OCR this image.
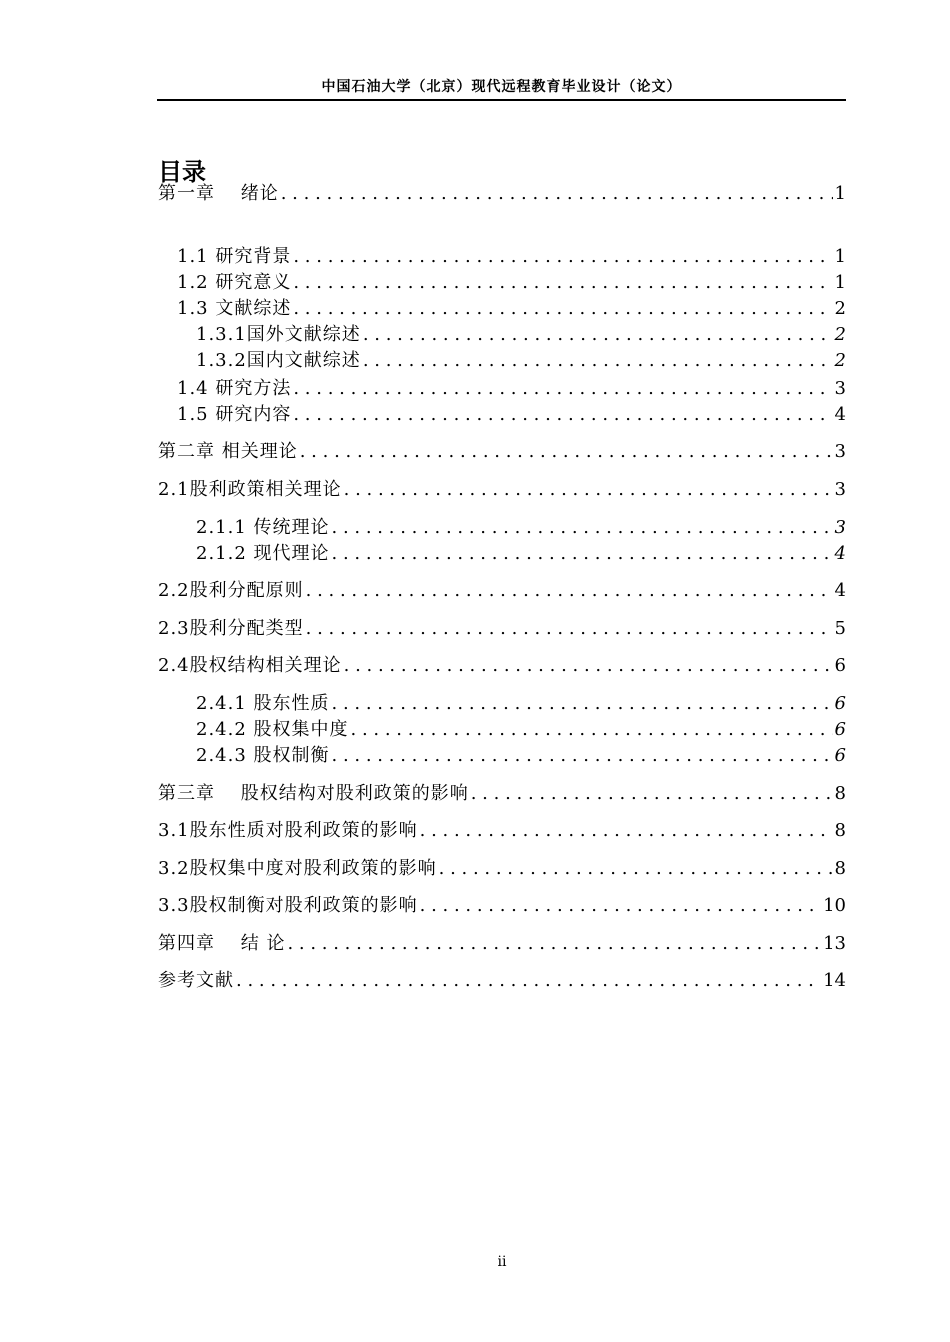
中国石油大学（北京）现代远程教育毕业设计（论文）
目录
第一章　 绪论 . . .	1
1.1 研究背景 . . .	1
1.2 研究意义 . . .	1
1.3 文献综述 . . .	2
1.3.1国外文献综述 . . .	2
1.3.2国内文献综述 . . .	2
1.4 研究方法 . . .	3
1.5 研究内容 . . .	4
第二章 相关理论 . . .	3
2.1股利政策相关理论 . . .	3
2.1.1 传统理论 . . .	3
2.1.2 现代理论 . . .	4
2.2股利分配原则 . . .	4
2.3股利分配类型 . . .	5
2.4股权结构相关理论 . . .	6
2.4.1 股东性质 . . .	6
2.4.2 股权集中度 . . .	6
2.4.3 股权制衡 . . .	6
第三章　 股权结构对股利政策的影响 . . .	8
3.1股东性质对股利政策的影响 . . .	8
3.2股权集中度对股利政策的影响 . . .	8
3.3股权制衡对股利政策的影响 . . .	10
第四章　 结 论 . . .	13
参考文献 . . .	14
ii
